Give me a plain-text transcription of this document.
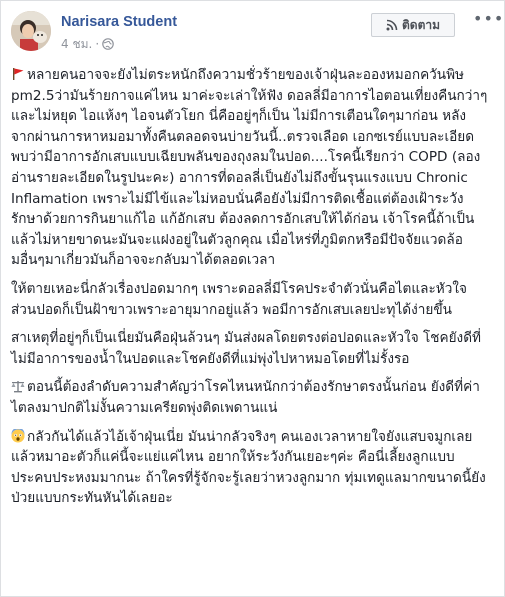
Narisara Student
4 ชม. ·
ติดตาม •••

หลายคนอาจจะยังไม่ตระหนักถึงความชั่วร้ายของเจ้าฝุ่นละอองหมอกควันพิษ pm2.5ว่ามันร้ายกาจแค่ไหน มาค่ะจะเล่าให้ฟัง ดอลลี่มีอาการไอตอนเที่ยงคืนกว่าๆและไม่หยุด ไอแห้งๆ ไอจนตัวโยก นี่คืออยู่ๆก็เป็น ไม่มีการเตือนใดๆมาก่อน หลังจากผ่านการหาหมอมาทั้งคืนตลอดจนบ่ายวันนี้..ตรวจเลือด เอกซเรย์แบบละเอียดพบว่ามีอาการอักเสบแบบเฉียบพลันของถุงลมในปอด....โรคนี้เรียกว่า COPD (ลองอ่านรายละเอียดในรูปนะคะ) อาการที่ดอลลี่เป็นยังไม่ถึงขั้นรุนแรงแบบ Chronic Inflamation เพราะไม่มีไข้และไม่หอบนั่นคือยังไม่มีการติดเชื้อแต่ต้องเฝ้าระวัง รักษาด้วยการกินยาแก้ไอ แก้อักเสบ ต้องลดการอักเสบให้ได้ก่อน เจ้าโรคนี้ถ้าเป็นแล้วไม่หายขาดนะมันจะแฝงอยู่ในตัวลูกคุณ เมื่อไหร่ที่ภูมิตกหรือมีปัจจัยแวดล้อมอื่นๆมาเกี่ยวมันก็อาจจะกลับมาได้ตลอดเวลา

ให้ตายเหอะนี่กลัวเรื่องปอดมากๆ เพราะดอลลี่มีโรคประจำตัวนั่นคือไตและหัวใจ ส่วนปอดก็เป็นฝ้าขาวเพราะอายุมากอยู่แล้ว พอมีการอักเสบเลยปะทุได้ง่ายขึ้น

สาเหตุที่อยู่ๆก็เป็นเนี่ยมันคือฝุ่นล้วนๆ มันส่งผลโดยตรงต่อปอดและหัวใจ โชคยังดีที่ไม่มีอาการของน้ำในปอดและโชคยังดีที่แม่พุ่งไปหาหมอโดยที่ไม่รั้งรอ

ตอนนี้ต้องลำดับความสำคัญว่าโรคไหนหนักกว่าต้องรักษาตรงนั้นก่อน ยังดีที่ค่าไตลงมาปกติไม่งั้นความเครียดพุ่งติดเพดานแน่

กลัวกันได้แล้วไอ้เจ้าฝุ่นเนี่ย มันน่ากลัวจริงๆ คนเองเวลาหายใจยังแสบจมูกเลย แล้วหมาอะตัวก็แค่นี้จะแย่แค่ไหน อยากให้ระวังกันเยอะๆค่ะ คือนี่เลี้ยงลูกแบบประคบประหงมมากนะ ถ้าใครที่รู้จักจะรู้เลยว่าหวงลูกมาก ทุ่มเทดูแลมากขนาดนี้ยังป่วยแบบกระทันหันได้เลยอะ
